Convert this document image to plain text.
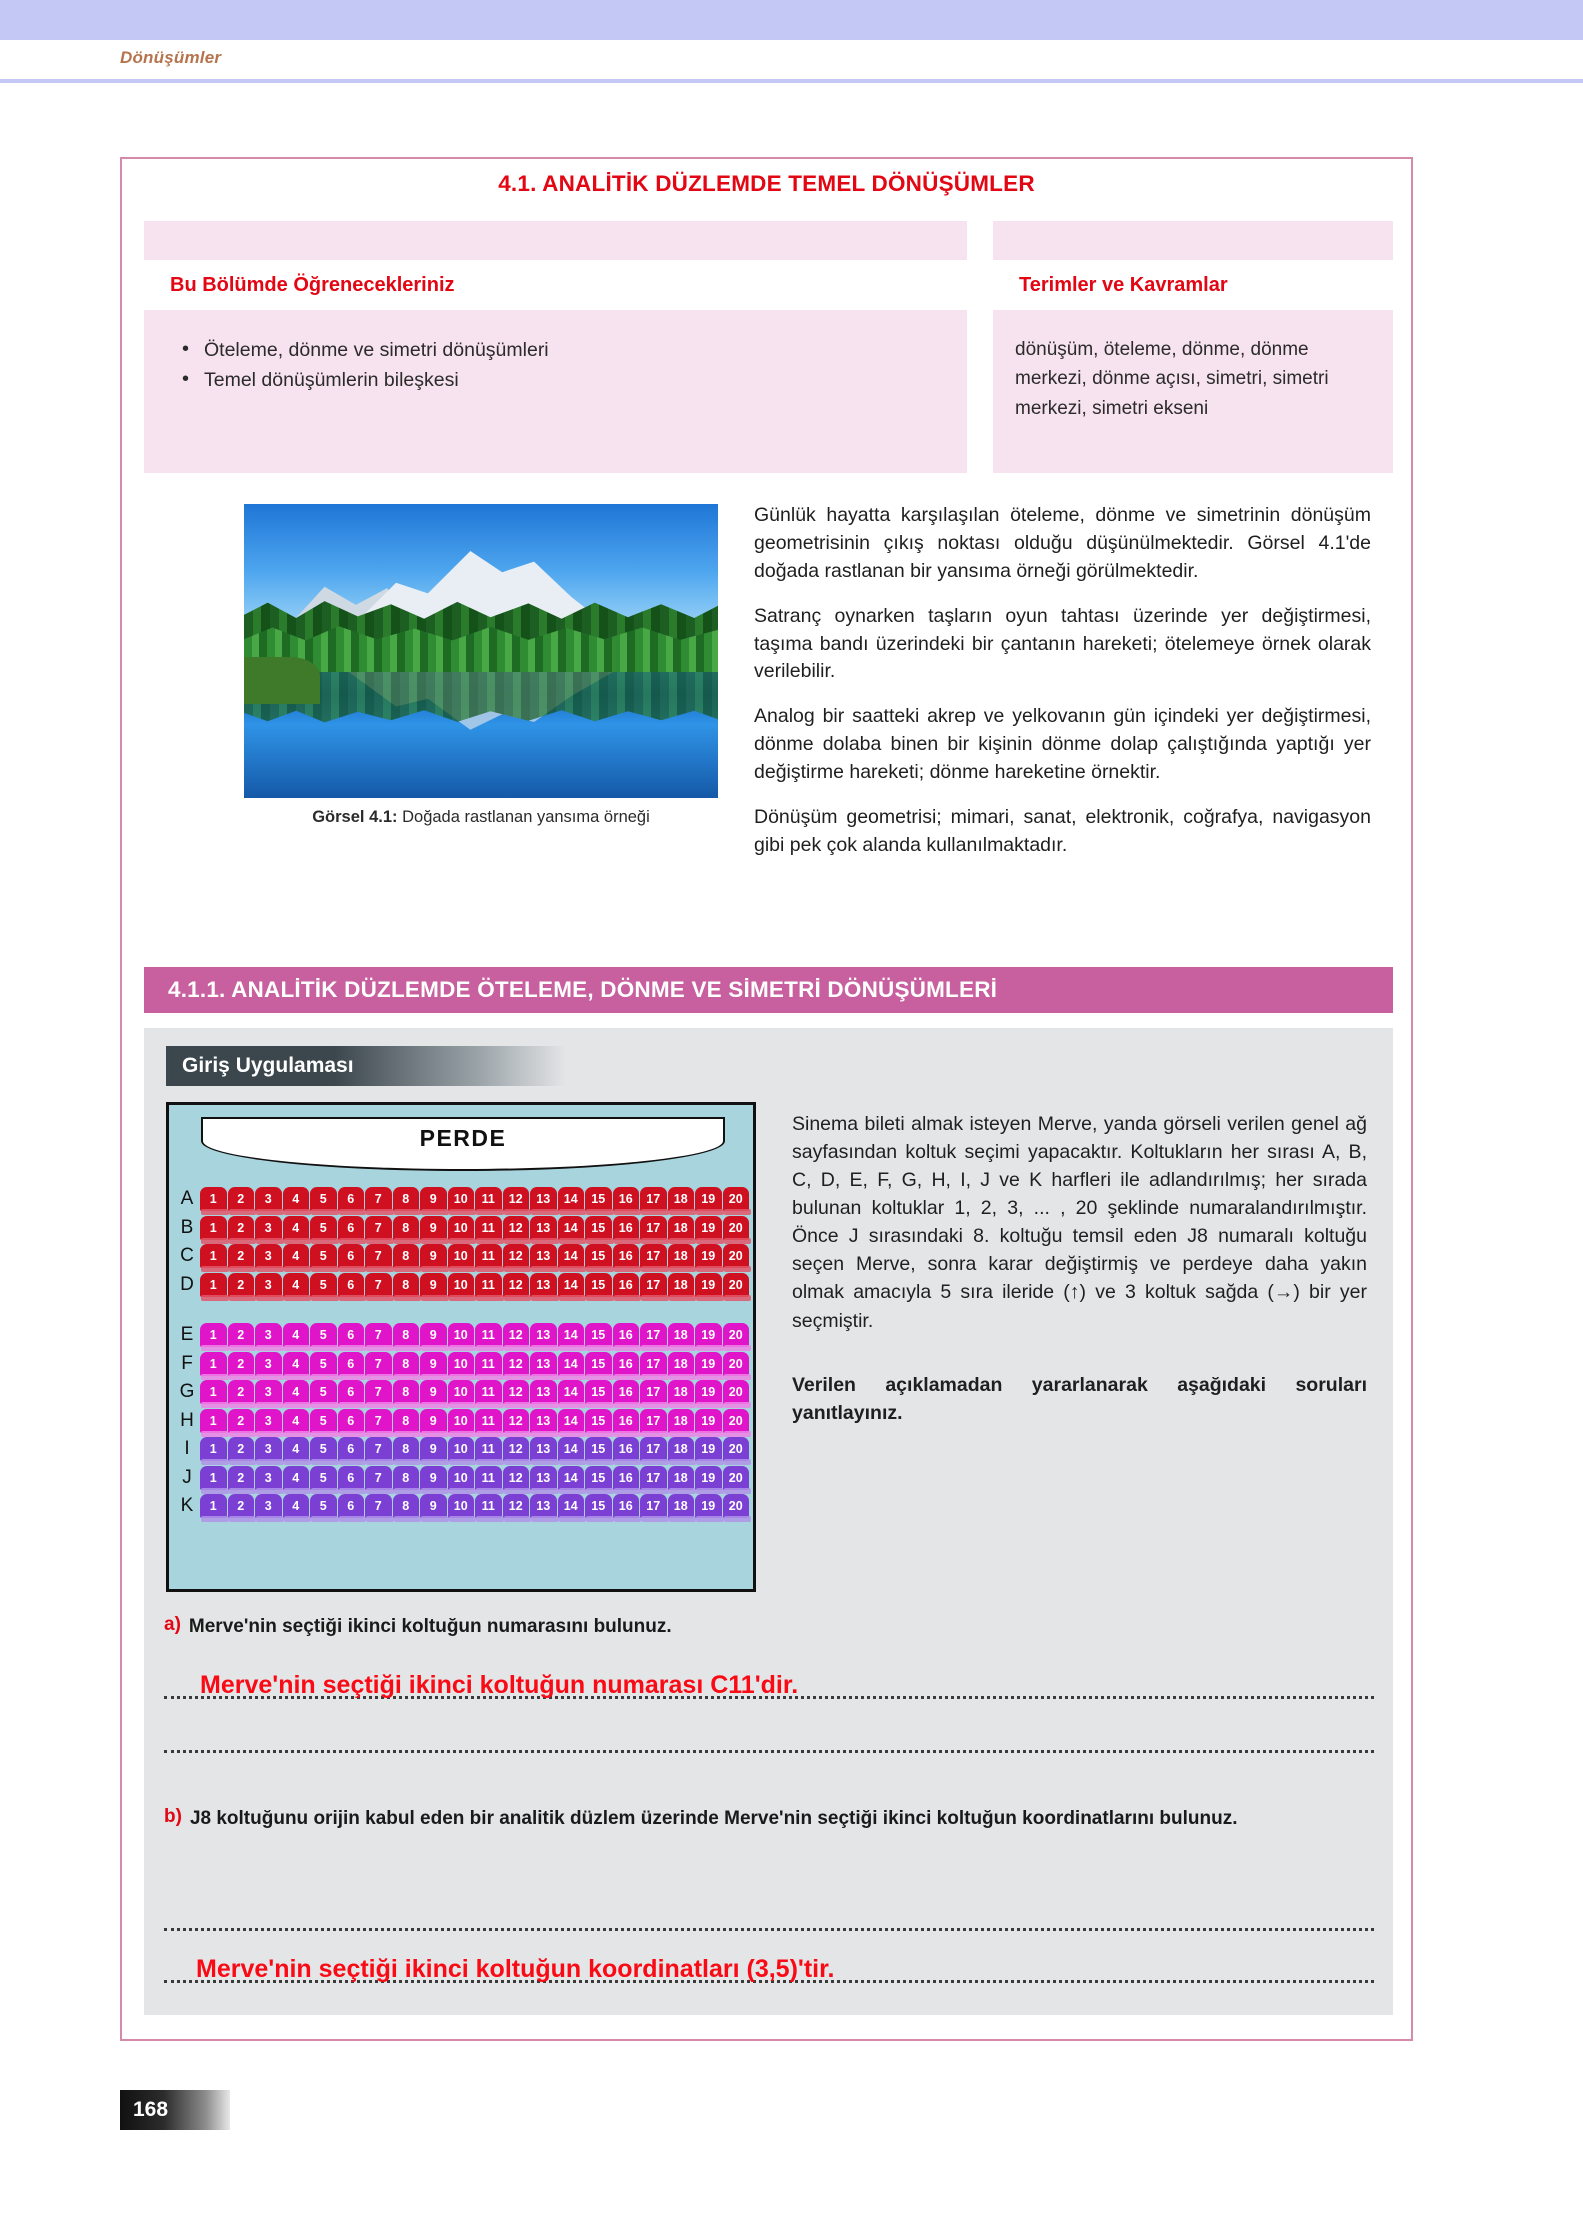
Dönüşümler
4.1. ANALİTİK DÜZLEMDE TEMEL DÖNÜŞÜMLER
Bu Bölümde Öğrenecekleriniz
• Öteleme, dönme ve simetri dönüşümleri
• Temel dönüşümlerin bileşkesi
Terimler ve Kavramlar
dönüşüm, öteleme, dönme, dönme merkezi, dönme açısı, simetri, simetri merkezi, simetri ekseni
Görsel 4.1: Doğada rastlanan yansıma örneği

Günlük hayatta karşılaşılan öteleme, dönme ve simetrinin dönüşüm geometrisinin çıkış noktası olduğu düşünülmektedir. Görsel 4.1'de doğada rastlanan bir yansıma örneği görülmektedir.

Satranç oynarken taşların oyun tahtası üzerinde yer değiştirmesi, taşıma bandı üzerindeki bir çantanın hareketi; ötelemeye örnek olarak verilebilir.

Analog bir saatteki akrep ve yelkovanın gün içindeki yer değiştirmesi, dönme dolaba binen bir kişinin dönme dolap çalıştığında yaptığı yer değiştirme hareketi; dönme hareketine örnektir.

Dönüşüm geometrisi; mimari, sanat, elektronik, coğrafya, navigasyon gibi pek çok alanda kullanılmaktadır.

4.1.1. ANALİTİK DÜZLEMDE ÖTELEME, DÖNME VE SİMETRİ DÖNÜŞÜMLERİ
Giriş Uygulaması
PERDE
A	1	2	3	4	5	6	7	8	9	10	11	12	13	14	15	16	17	18	19	20
B	1	2	3	4	5	6	7	8	9	10	11	12	13	14	15	16	17	18	19	20
C	1	2	3	4	5	6	7	8	9	10	11	12	13	14	15	16	17	18	19	20
D	1	2	3	4	5	6	7	8	9	10	11	12	13	14	15	16	17	18	19	20
E	1	2	3	4	5	6	7	8	9	10	11	12	13	14	15	16	17	18	19	20
F	1	2	3	4	5	6	7	8	9	10	11	12	13	14	15	16	17	18	19	20
G	1	2	3	4	5	6	7	8	9	10	11	12	13	14	15	16	17	18	19	20
H	1	2	3	4	5	6	7	8	9	10	11	12	13	14	15	16	17	18	19	20
I	1	2	3	4	5	6	7	8	9	10	11	12	13	14	15	16	17	18	19	20
J	1	2	3	4	5	6	7	8	9	10	11	12	13	14	15	16	17	18	19	20
K	1	2	3	4	5	6	7	8	9	10	11	12	13	14	15	16	17	18	19	20

Sinema bileti almak isteyen Merve, yanda görseli verilen genel ağ sayfasından koltuk seçimi yapacaktır. Koltukların her sırası A, B, C, D, E, F, G, H, I, J ve K harfleri ile adlandırılmış; her sırada bulunan koltuklar 1, 2, 3, ... , 20 şeklinde numaralandırılmıştır. Önce J sırasındaki 8. koltuğu temsil eden J8 numaralı koltuğu seçen Merve, sonra karar değiştirmiş ve perdeye daha yakın olmak amacıyla 5 sıra ileride (↑) ve 3 koltuk sağda (→) bir yer seçmiştir.

Verilen açıklamadan yararlanarak aşağıdaki soruları yanıtlayınız.

a) Merve'nin seçtiği ikinci koltuğun numarasını bulunuz.
Merve'nin seçtiği ikinci koltuğun numarası C11'dir.
b) J8 koltuğunu orijin kabul eden bir analitik düzlem üzerinde Merve'nin seçtiği ikinci koltuğun koordinatlarını bulunuz.
Merve'nin seçtiği ikinci koltuğun koordinatları (3,5)'tir.
168
